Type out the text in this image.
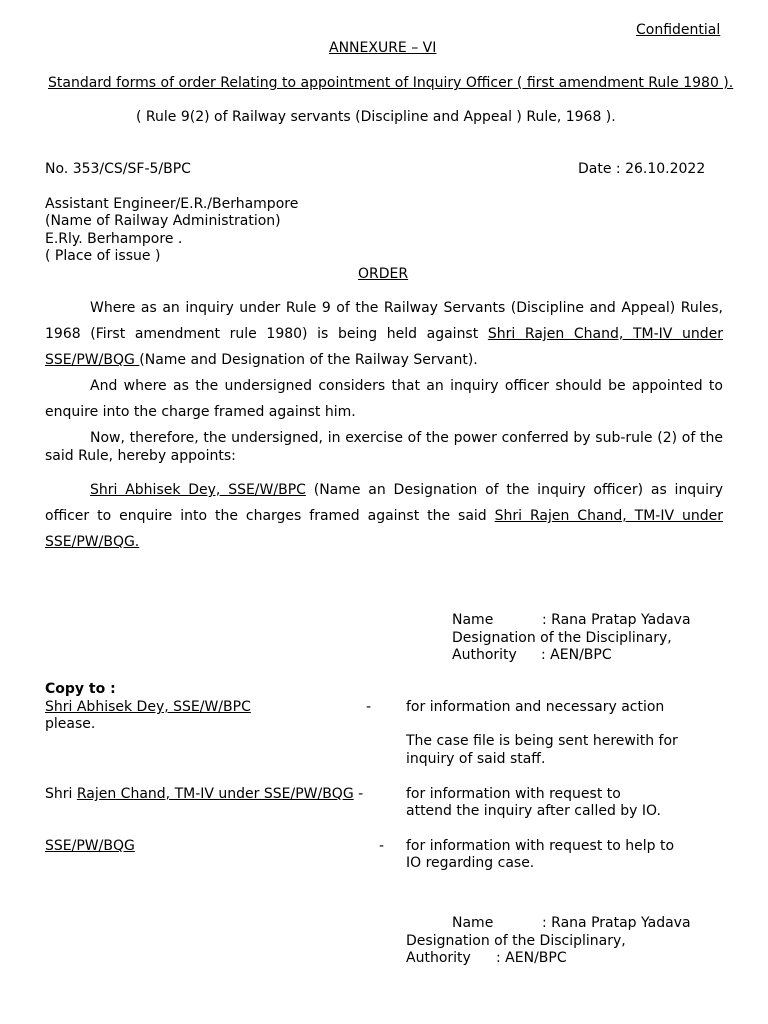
Confidential
ANNEXURE – VI
Standard forms of order Relating to appointment of Inquiry Officer ( first amendment Rule 1980 ).
( Rule 9(2) of Railway servants (Discipline and Appeal ) Rule, 1968 ).
No. 353/CS/SF-5/BPC	Date : 26.10.2022
Assistant Engineer/E.R./Berhampore
(Name of Railway Administration)
E.Rly. Berhampore .
( Place of issue )
ORDER
Where as an inquiry under Rule 9 of the Railway Servants (Discipline and Appeal) Rules, 1968 (First amendment rule 1980) is being held against Shri Rajen Chand, TM-IV under SSE/PW/BQG (Name and Designation of the Railway Servant).
And where as the undersigned considers that an inquiry officer should be appointed to enquire into the charge framed against him.
Now, therefore, the undersigned, in exercise of the power conferred by sub-rule (2) of the said Rule, hereby appoints:
Shri Abhisek Dey, SSE/W/BPC (Name an Designation of the inquiry officer) as inquiry officer to enquire into the charges framed against the said Shri Rajen Chand, TM-IV under SSE/PW/BQG.
Name	: Rana Pratap Yadava
Designation of the Disciplinary,
Authority : AEN/BPC
Copy to :
Shri Abhisek Dey, SSE/W/BPC	- for information and necessary action
please.
The case file is being sent herewith for
inquiry of said staff.
Shri Rajen Chand, TM-IV under SSE/PW/BQG -	for information with request to
attend the inquiry after called by IO.
SSE/PW/BQG	- for information with request to help to
IO regarding case.
Name	: Rana Pratap Yadava
Designation of the Disciplinary,
Authority : AEN/BPC
